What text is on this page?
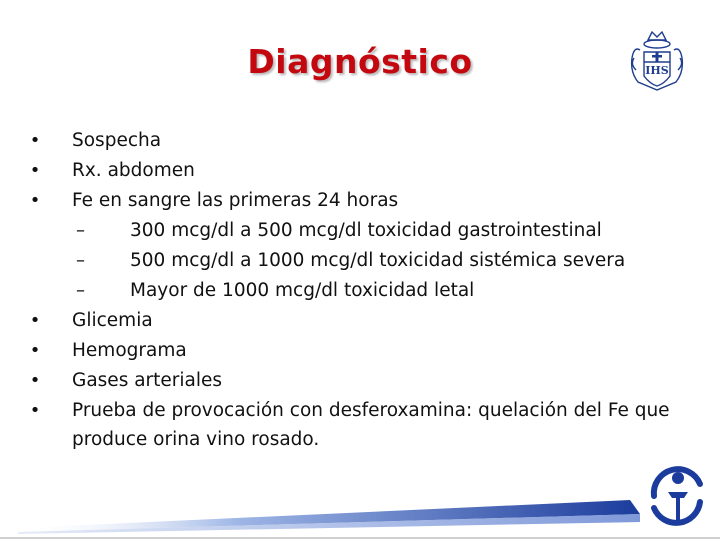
Diagnóstico	IHS
• Sospecha
• Rx. abdomen
• Fe en sangre las primeras 24 horas
– 300 mcg/dl a 500 mcg/dl toxicidad gastrointestinal
– 500 mcg/dl a 1000 mcg/dl toxicidad sistémica severa
– Mayor de 1000 mcg/dl toxicidad letal
• Glicemia
• Hemograma
• Gases arteriales
• Prueba de provocación con desferoxamina: quelación del Fe que produce orina vino rosado.
